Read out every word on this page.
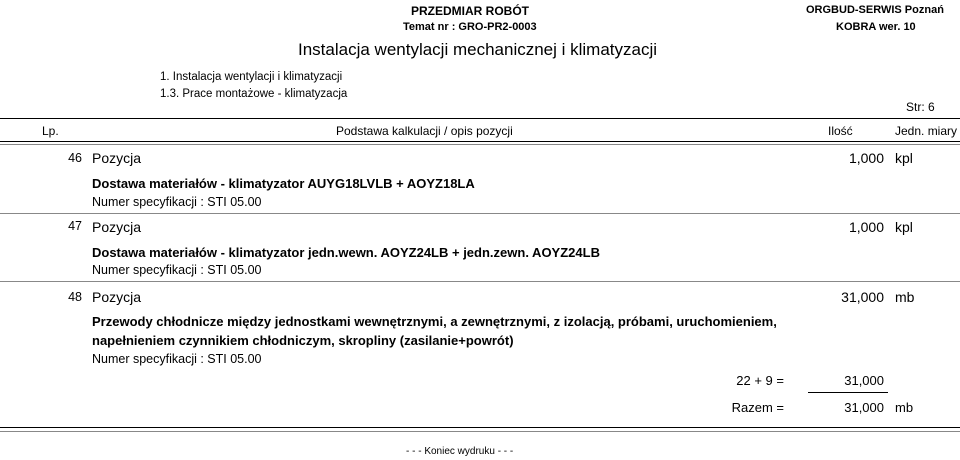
PRZEDMIAR ROBÓT
Temat nr : GRO-PR2-0003
ORGBUD-SERWIS Poznań
KOBRA wer. 10
Instalacja wentylacji mechanicznej i klimatyzacji
1. Instalacja wentylacji i klimatyzacji
1.3. Prace montażowe - klimatyzacja
Str: 6
Lp.	Podstawa kalkulacji / opis pozycji	Ilość	Jedn. miary
46 Pozycja	1,000 kpl
Dostawa materiałów - klimatyzator AUYG18LVLB + AOYZ18LA
Numer specyfikacji : STI 05.00
47 Pozycja	1,000 kpl
Dostawa materiałów - klimatyzator jedn.wewn. AOYZ24LB + jedn.zewn. AOYZ24LB
Numer specyfikacji : STI 05.00
48 Pozycja	31,000 mb
Przewody chłodnicze między jednostkami wewnętrznymi, a zewnętrznymi, z izolacją, próbami, uruchomieniem,
napełnieniem czynnikiem chłodniczym, skropliny (zasilanie+powrót)
Numer specyfikacji : STI 05.00
22 + 9 =	31,000
Razem =	31,000 mb
- - - Koniec wydruku - - -
